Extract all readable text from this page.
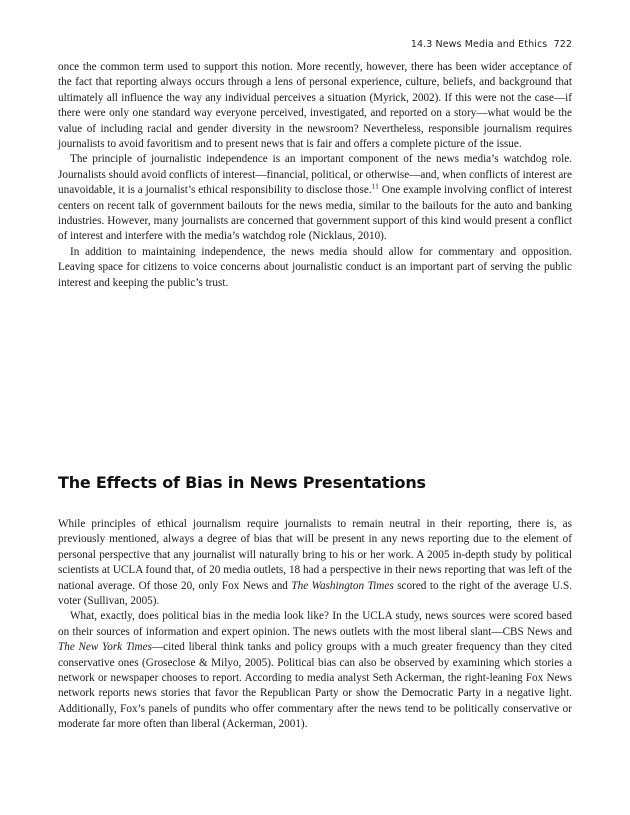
14.3 News Media and Ethics 722

once the common term used to support this notion. More recently, however, there has been wider acceptance of the fact that reporting always occurs through a lens of personal experience, culture, beliefs, and background that ultimately all influence the way any individual perceives a situation (Myrick, 2002). If this were not the case—if there were only one standard way everyone perceived, investigated, and reported on a story—what would be the value of including racial and gender diversity in the newsroom? Nevertheless, responsible journalism requires journalists to avoid favoritism and to present news that is fair and offers a complete picture of the issue.

The principle of journalistic independence is an important component of the news media’s watchdog role. Journalists should avoid conflicts of interest—financial, political, or otherwise—and, when conflicts of interest are unavoidable, it is a journalist’s ethical responsibility to disclose those.$^{11}$ One example involving conflict of interest centers on recent talk of government bailouts for the news media, similar to the bailouts for the auto and banking industries. However, many journalists are concerned that government support of this kind would present a conflict of interest and interfere with the media’s watchdog role (Nicklaus, 2010).

In addition to maintaining independence, the news media should allow for commentary and opposition. Leaving space for citizens to voice concerns about journalistic conduct is an important part of serving the public interest and keeping the public’s trust.

The Effects of Bias in News Presentations

While principles of ethical journalism require journalists to remain neutral in their reporting, there is, as previously mentioned, always a degree of bias that will be present in any news reporting due to the element of personal perspective that any journalist will naturally bring to his or her work. A 2005 in-depth study by political scientists at UCLA found that, of 20 media outlets, 18 had a perspective in their news reporting that was left of the national average. Of those 20, only Fox News and The Washington Times scored to the right of the average U.S. voter (Sullivan, 2005).

What, exactly, does political bias in the media look like? In the UCLA study, news sources were scored based on their sources of information and expert opinion. The news outlets with the most liberal slant—CBS News and The New York Times—cited liberal think tanks and policy groups with a much greater frequency than they cited conservative ones (Groseclose & Milyo, 2005). Political bias can also be observed by examining which stories a network or newspaper chooses to report. According to media analyst Seth Ackerman, the right-leaning Fox News network reports news stories that favor the Republican Party or show the Democratic Party in a negative light. Additionally, Fox’s panels of pundits who offer commentary after the news tend to be politically conservative or moderate far more often than liberal (Ackerman, 2001).
